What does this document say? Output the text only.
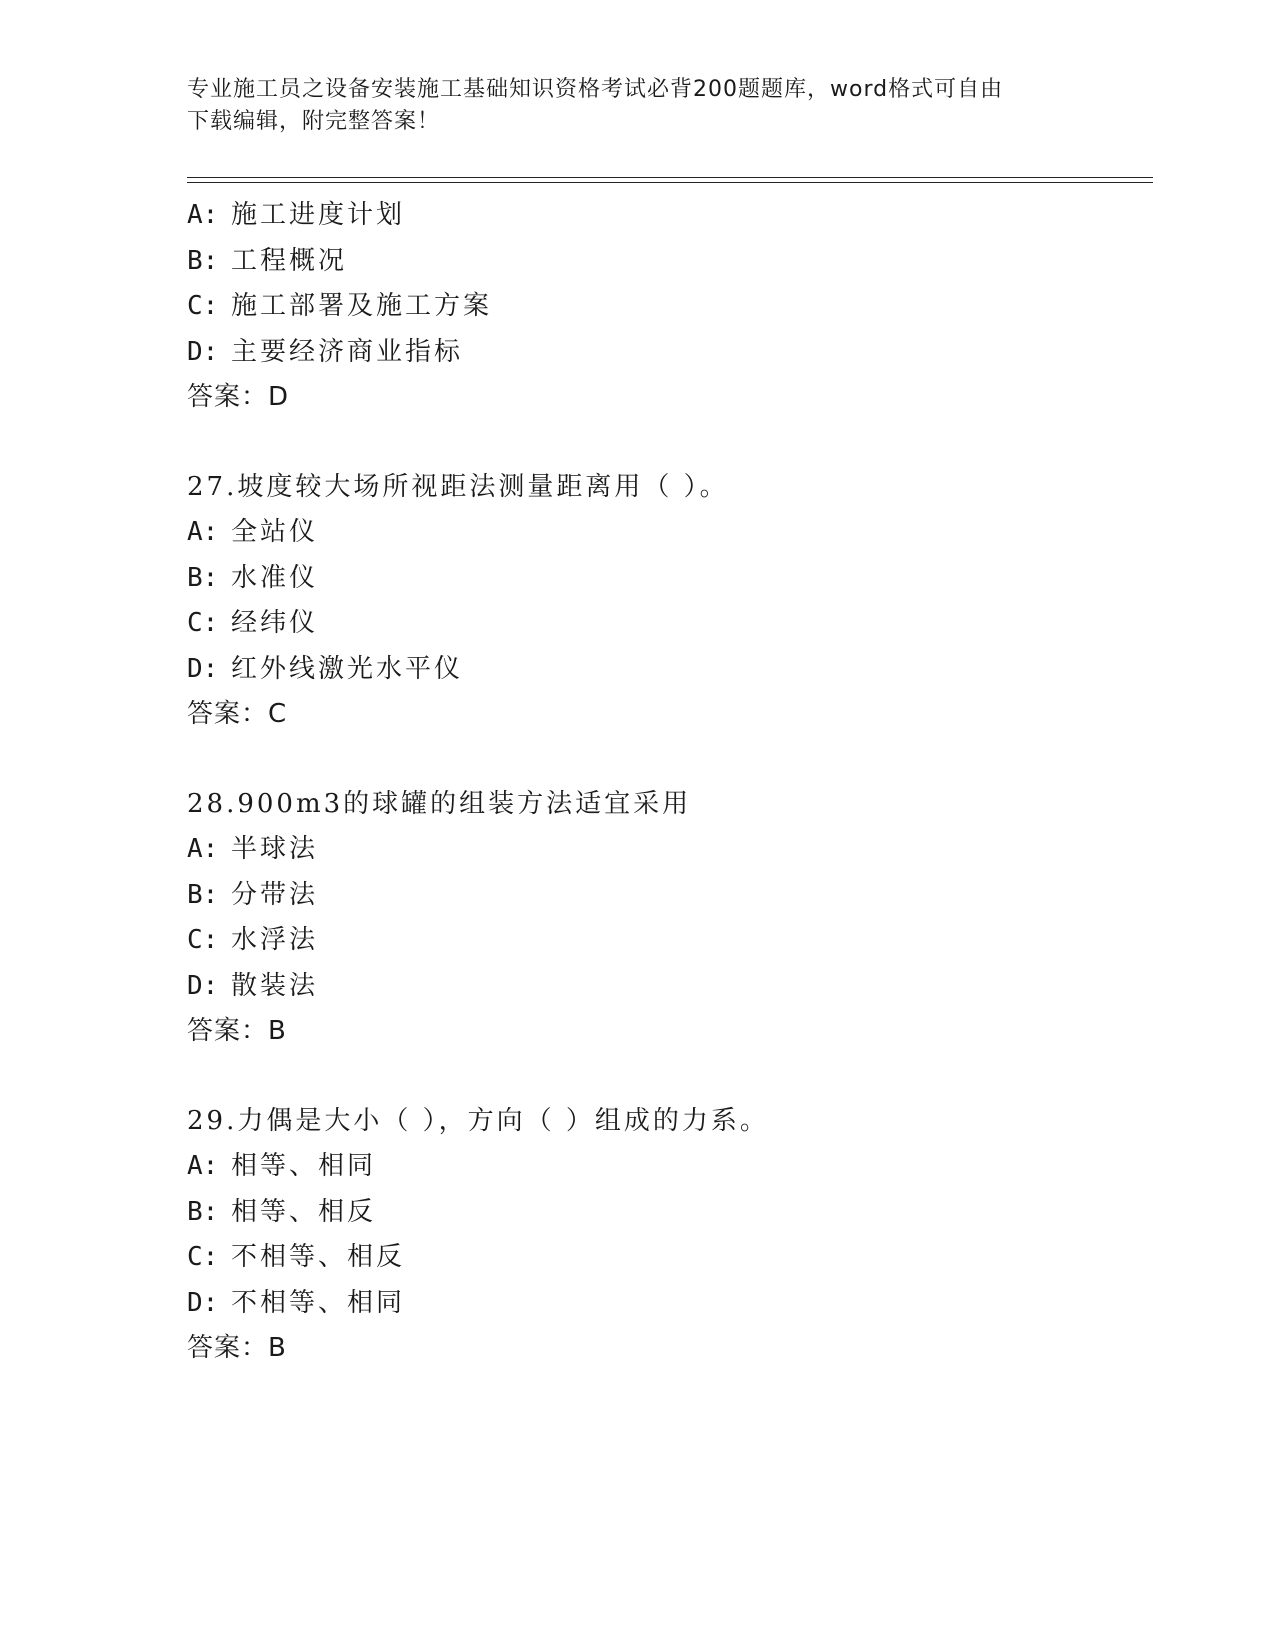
专业施工员之设备安装施工基础知识资格考试必背200题题库，word格式可自由
下载编辑，附完整答案！
A: 施工进度计划
B: 工程概况
C: 施工部署及施工方案
D: 主要经济商业指标
答案：D
27.坡度较大场所视距法测量距离用（ ）。
A: 全站仪
B: 水准仪
C: 经纬仪
D: 红外线激光水平仪
答案：C
28.900m3的球罐的组装方法适宜采用
A: 半球法
B: 分带法
C: 水浮法
D: 散装法
答案：B
29.力偶是大小（ ），方向（ ）组成的力系。
A: 相等、相同
B: 相等、相反
C: 不相等、相反
D: 不相等、相同
答案：B
